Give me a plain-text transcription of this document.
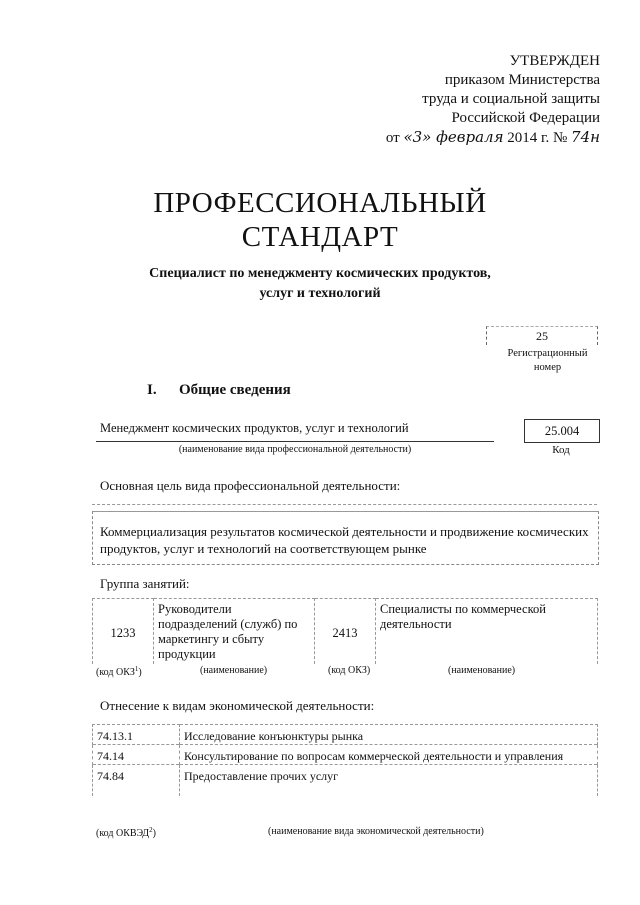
УТВЕРЖДЕН
приказом Министерства
труда и социальной защиты
Российской Федерации
от «3» февраля 2014 г. № 74н
ПРОФЕССИОНАЛЬНЫЙ
СТАНДАРТ
Специалист по менеджменту космических продуктов,
услуг и технологий
25
Регистрационный
номер
I. Общие сведения
Менеджмент космических продуктов, услуг и технологий
(наименование вида профессиональной деятельности)
25.004
Код
Основная цель вида профессиональной деятельности:
Коммерциализация результатов космической деятельности и продвижение космических
продуктов, услуг и технологий на соответствующем рынке
Группа занятий:
1233	Руководители подразделений (служб) по маркетингу и сбыту продукции	2413	Специалисты по коммерческой деятельности
(код ОКЗ$^1$)	(наименование)	(код ОКЗ)	(наименование)
Отнесение к видам экономической деятельности:
74.13.1	Исследование конъюнктуры рынка
74.14	Консультирование по вопросам коммерческой деятельности и управления
74.84	Предоставление прочих услуг
(код ОКВЭД$^2$)	(наименование вида экономической деятельности)
